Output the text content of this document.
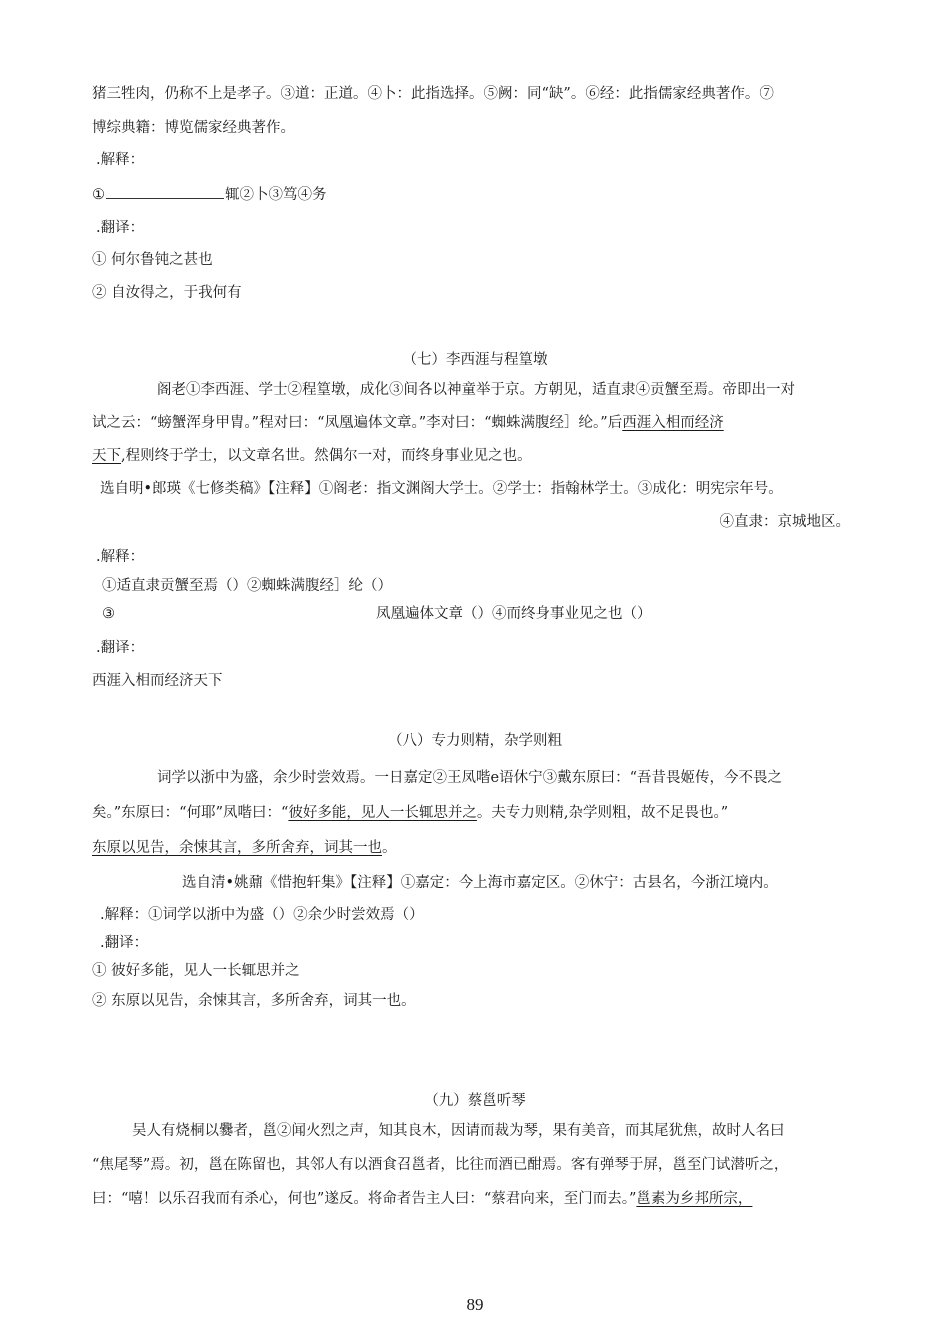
猪三牲肉，仍称不上是孝子。③道：正道。④卜：此指选择。⑤阙：同“缺”。⑥经：此指儒家经典著作。⑦
博综典籍：博览儒家经典著作。
.解释：
①	辄②卜③笃④务
.翻译：
① 何尔鲁钝之甚也
② 自汝得之，于我何有
（七）李西涯与程篁墩
阁老①李西涯、学士②程篁墩，成化③间各以神童举于京。方朝见，适直隶④贡蟹至焉。帝即出一对
试之云：“螃蟹浑身甲胄。”程对曰：“凤凰遍体文章。”李对曰：“蜘蛛满腹经］纶。”后西涯入相而经济
天下,程则终于学士，以文章名世。然偶尔一对，而终身事业见之也。
选自明•郎瑛《七修类稿》【注释】①阁老：指文渊阁大学士。②学士：指翰林学士。③成化：明宪宗年号。
④直隶：京城地区。
.解释：
①适直隶贡蟹至焉（）②蜘蛛满腹经］纶（）
③	凤凰遍体文章（）④而终身事业见之也（）
.翻译：
西涯入相而经济天下
（八）专力则精，杂学则粗
词学以浙中为盛，余少时尝效焉。一日嘉定②王凤喈e语休宁③戴东原曰：“吾昔畏姬传，今不畏之
矣。”东原曰：“何耶”凤喈曰：“彼好多能，见人一长辄思并之。夫专力则精,杂学则粗，故不足畏也。”
东原以见告，余悚其言，多所舍弃，词其一也。
选自清•姚鼐《惜抱轩集》【注释】①嘉定：今上海市嘉定区。②休宁：古县名，今浙江境内。
.解释：①词学以浙中为盛（）②余少时尝效焉（）
.翻译：
① 彼好多能，见人一长辄思并之
② 东原以见告，余悚其言，多所舍弃，词其一也。
（九）蔡邕听琴
吴人有烧桐以爨者，邕②闻火烈之声，知其良木，因请而裁为琴，果有美音，而其尾犹焦，故时人名曰
“焦尾琴”焉。初，邕在陈留也，其邻人有以酒食召邕者，比往而酒已酣焉。客有弹琴于屏，邕至门试潜听之，
曰：“嘻！以乐召我而有杀心，何也”遂反。将命者告主人曰：“蔡君向来，至门而去。”邕素为乡邦所宗，
89
